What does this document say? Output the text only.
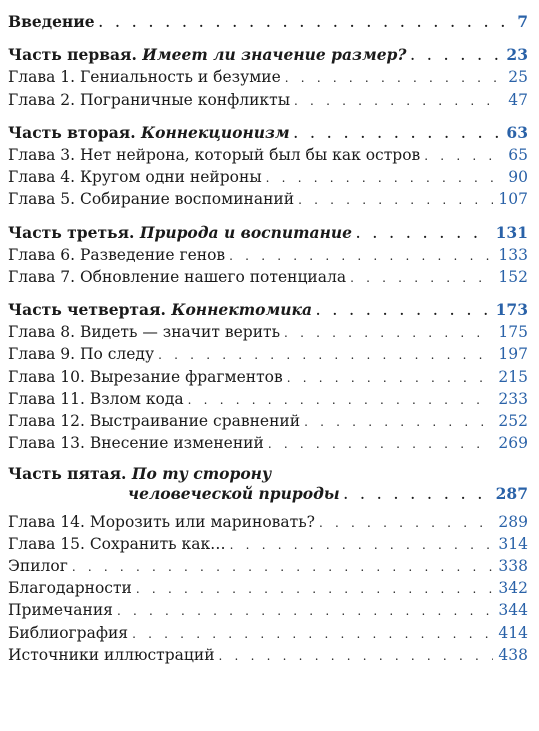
Введение . . .	7
Часть первая. Имеет ли значение размер? . . .	23
Глава 1. Гениальность и безумие . . .	25
Глава 2. Пограничные конфликты . . .	47
Часть вторая. Коннекционизм . . .	63
Глава 3. Нет нейрона, который был бы как остров . . .	65
Глава 4. Кругом одни нейроны . . .	90
Глава 5. Собирание воспоминаний . . .	107
Часть третья. Природа и воспитание . . .	131
Глава 6. Разведение генов . . .	133
Глава 7. Обновление нашего потенциала . . .	152
Часть четвертая. Коннектомика . . .	173
Глава 8. Видеть — значит верить . . .	175
Глава 9. По следу . . .	197
Глава 10. Вырезание фрагментов . . .	215
Глава 11. Взлом кода . . .	233
Глава 12. Выстраивание сравнений . . .	252
Глава 13. Внесение изменений . . .	269
Часть пятая. По ту сторону
человеческой природы . . .	287
Глава 14. Морозить или мариновать? . . .	289
Глава 15. Сохранить как… . . .	314
Эпилог . . .	338
Благодарности . . .	342
Примечания . . .	344
Библиография . . .	414
Источники иллюстраций . . .	438
